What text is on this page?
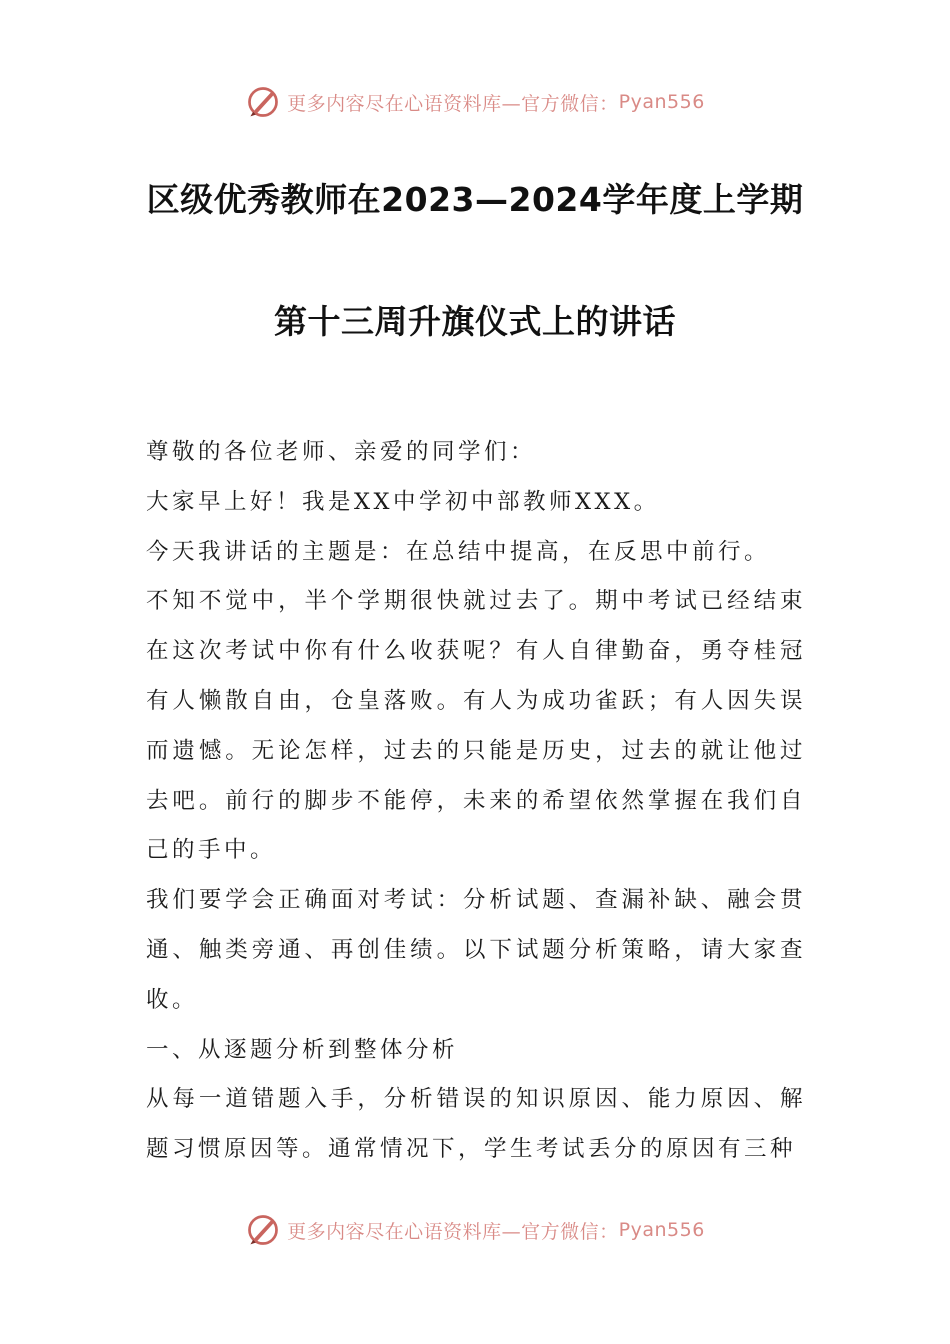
更多内容尽在心语资料库—官方微信： Pyan556
区级优秀教师在2023—2024学年度上学期
第十三周升旗仪式上的讲话

尊敬的各位老师、亲爱的同学们：

大家早上好！我是XX中学初中部教师XXX。

今天我讲话的主题是：在总结中提高，在反思中前行。

不知不觉中，半个学期很快就过去了。期中考试已经结束在这次考试中你有什么收获呢？有人自律勤奋，勇夺桂冠有人懒散自由，仓皇落败。有人为成功雀跃；有人因失误而遗憾。无论怎样，过去的只能是历史，过去的就让他过去吧。前行的脚步不能停，未来的希望依然掌握在我们自己的手中。

我们要学会正确面对考试：分析试题、查漏补缺、融会贯通、触类旁通、再创佳绩。以下试题分析策略，请大家查收。

一、从逐题分析到整体分析

从每一道错题入手，分析错误的知识原因、能力原因、解题习惯原因等。通常情况下，学生考试丢分的原因有三种

更多内容尽在心语资料库—官方微信： Pyan556
